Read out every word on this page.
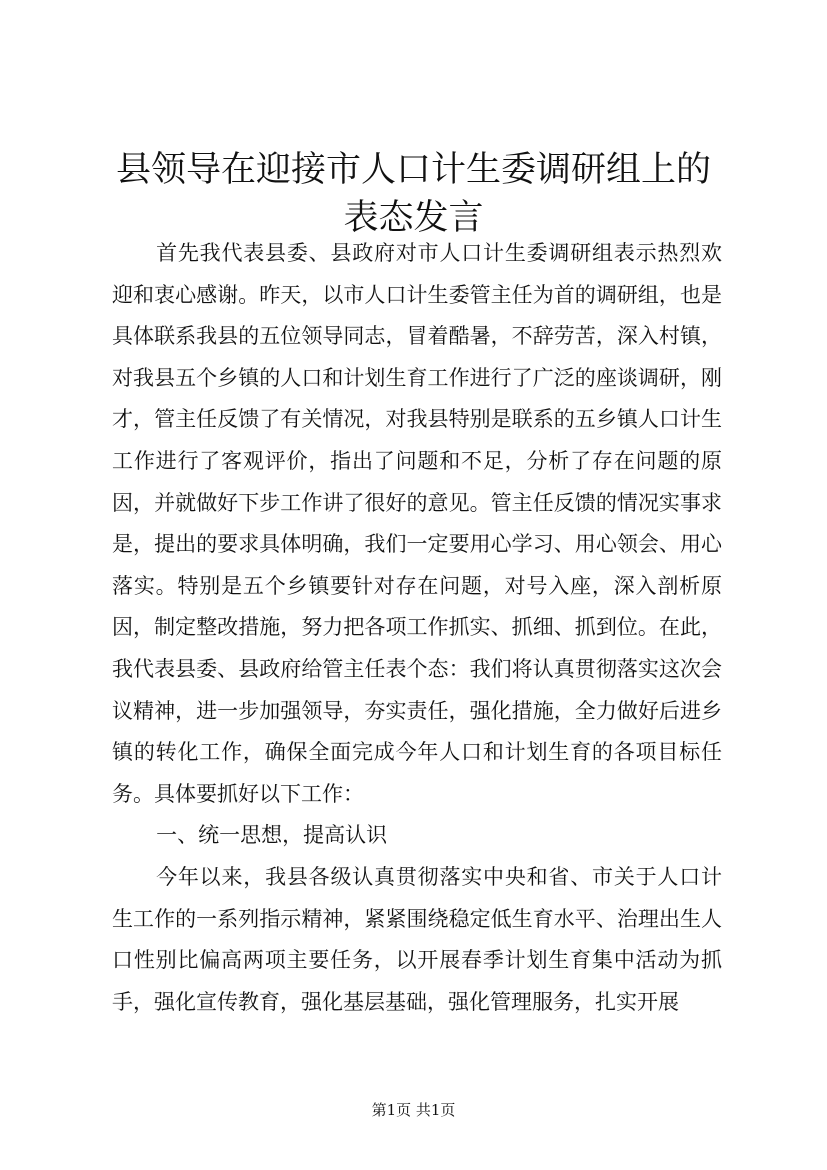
县领导在迎接市人口计生委调研组上的表态发言

首先我代表县委、县政府对市人口计生委调研组表示热烈欢迎和衷心感谢。昨天，以市人口计生委管主任为首的调研组，也是具体联系我县的五位领导同志，冒着酷暑，不辞劳苦，深入村镇，对我县五个乡镇的人口和计划生育工作进行了广泛的座谈调研，刚才，管主任反馈了有关情况，对我县特别是联系的五乡镇人口计生工作进行了客观评价，指出了问题和不足，分析了存在问题的原因，并就做好下步工作讲了很好的意见。管主任反馈的情况实事求是，提出的要求具体明确，我们一定要用心学习、用心领会、用心落实。特别是五个乡镇要针对存在问题，对号入座，深入剖析原因，制定整改措施，努力把各项工作抓实、抓细、抓到位。在此，我代表县委、县政府给管主任表个态：我们将认真贯彻落实这次会议精神，进一步加强领导，夯实责任，强化措施，全力做好后进乡镇的转化工作，确保全面完成今年人口和计划生育的各项目标任务。具体要抓好以下工作：

一、统一思想，提高认识

今年以来，我县各级认真贯彻落实中央和省、市关于人口计生工作的一系列指示精神，紧紧围绕稳定低生育水平、治理出生人口性别比偏高两项主要任务，以开展春季计划生育集中活动为抓手，强化宣传教育，强化基层基础，强化管理服务，扎实开展

第1页 共1页
